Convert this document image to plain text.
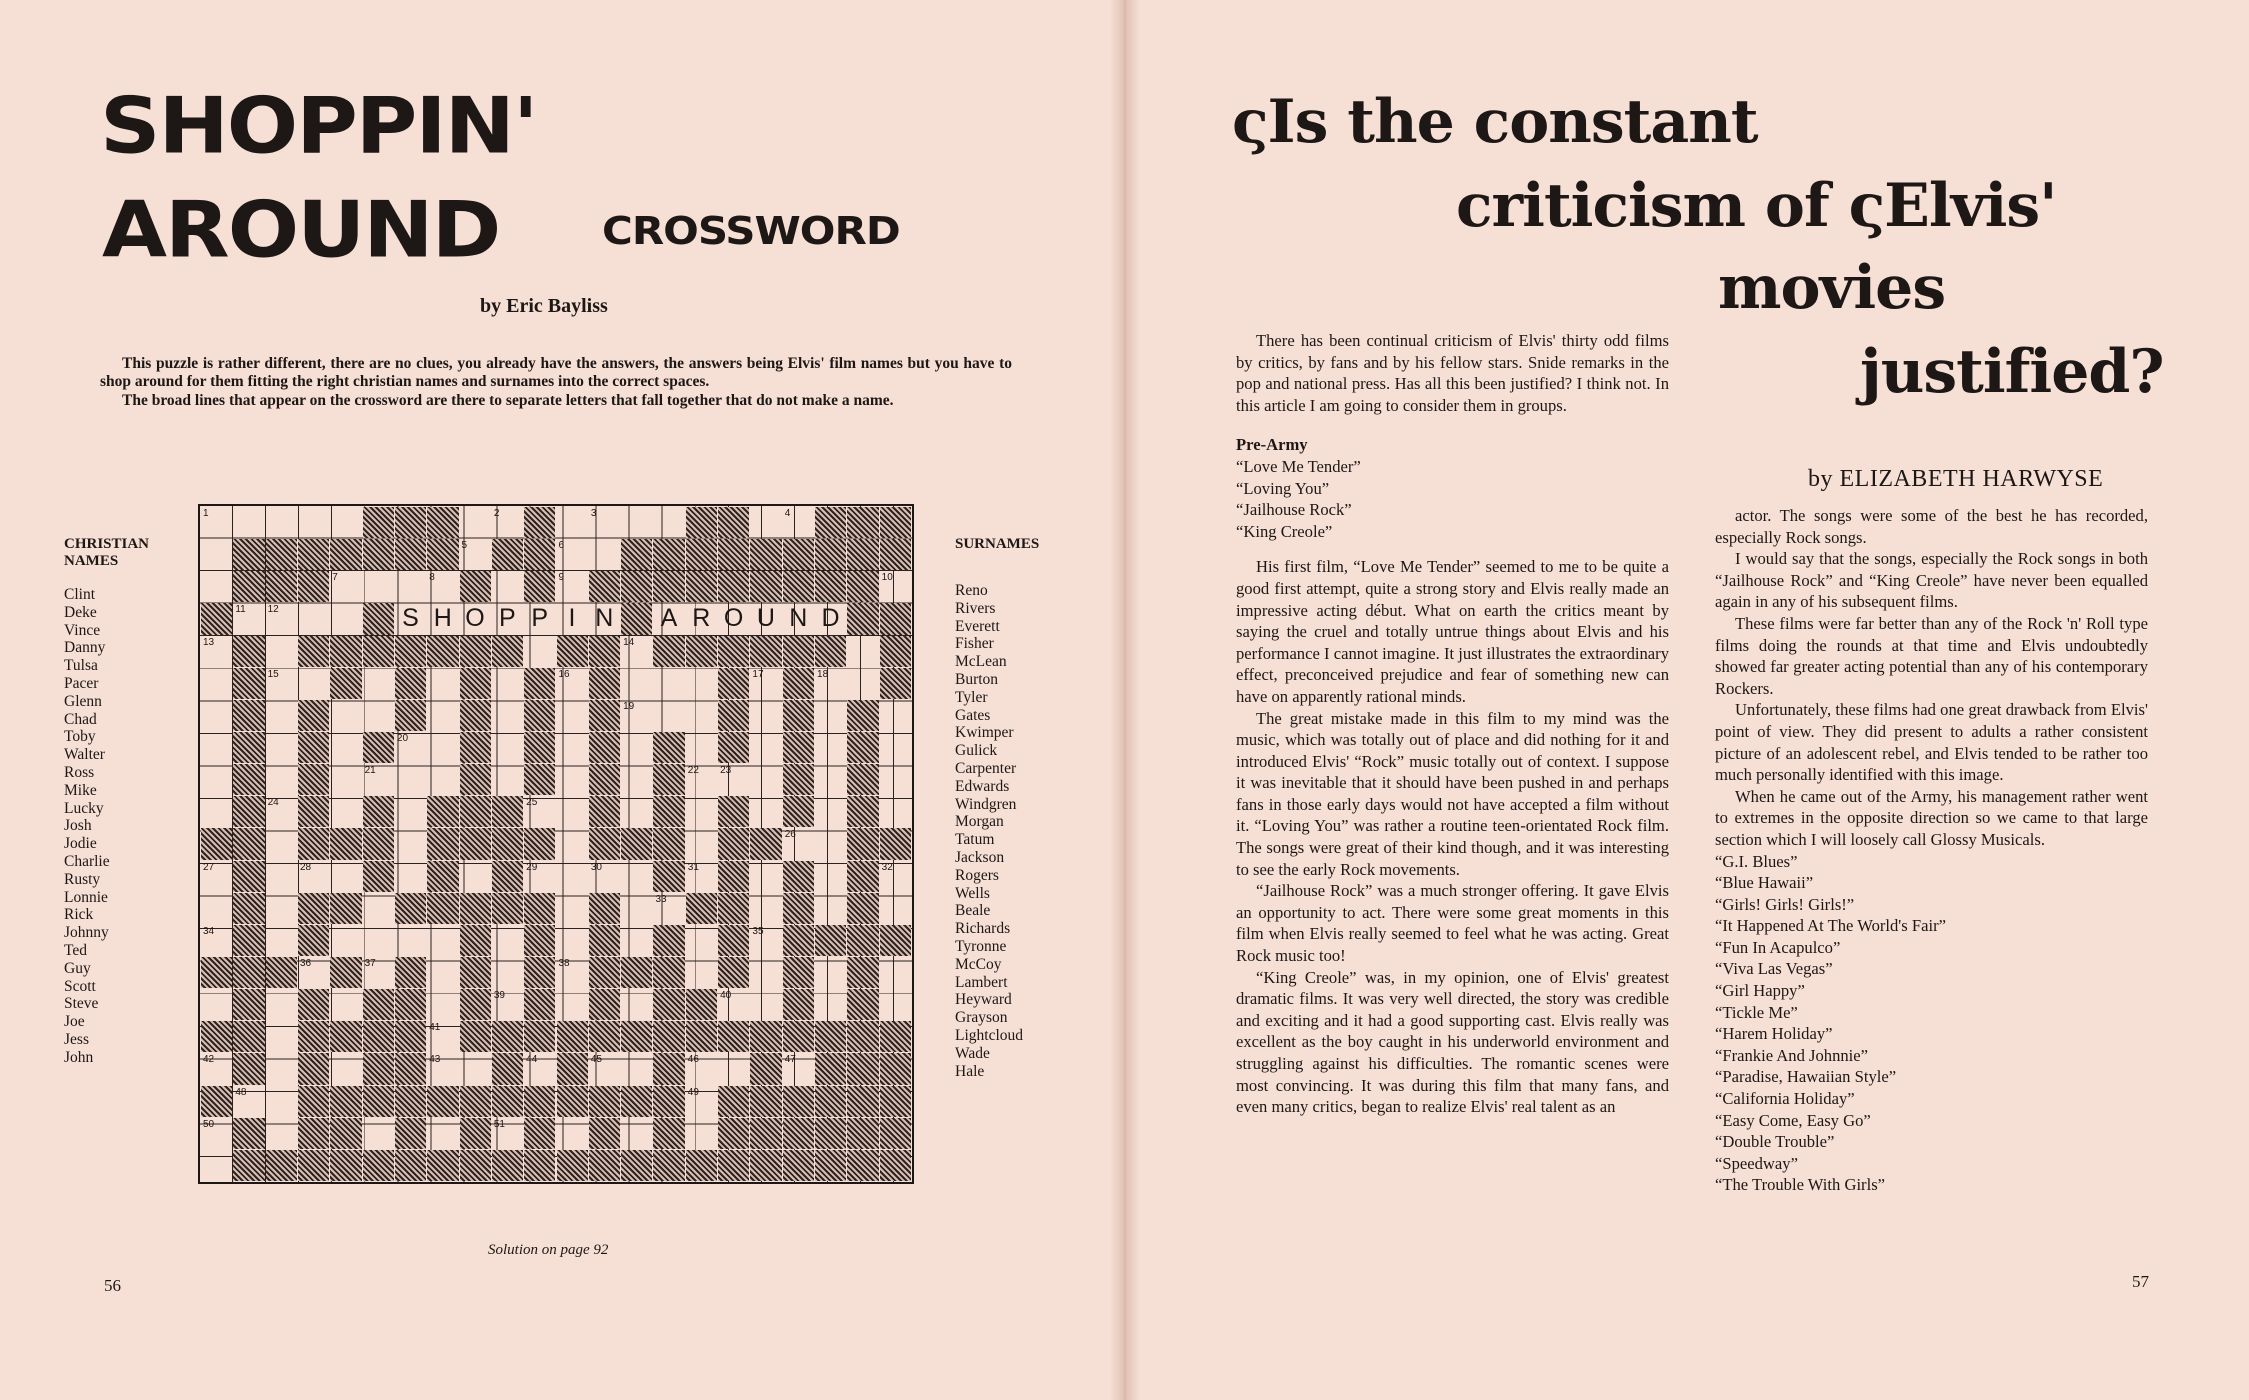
SHOPPIN'
AROUND CROSSWORD
by Eric Bayliss
This puzzle is rather different, there are no clues, you already have the answers, the answers being Elvis' film names but you have to shop around for them fitting the right christian names and surnames into the correct spaces.
The broad lines that appear on the crossword are there to separate letters that fall together that do not make a name.
CHRISTIAN NAMES
Clint
Deke
Vince
Danny
Tulsa
Pacer
Glenn
Chad
Toby
Walter
Ross
Mike
Lucky
Josh
Jodie
Charlie
Rusty
Lonnie
Rick
Johnny
Ted
Guy
Scott
Steve
Joe
Jess
John
1	2	3	4
5	6
7	8	9	10
11 12
13	14
15	16	17	18
19
20
21	22 23
24	25
26
27	28	29	30	31	32
33
34	35
36	37	38
39	40
41
42	43	44	45	46	47
48	49
50	51
S H O P P I N	A R O U N D
SURNAMES
Reno
Rivers
Everett
Fisher
McLean
Burton
Tyler
Gates
Kwimper
Gulick
Carpenter
Edwards
Windgren
Morgan
Tatum
Jackson
Rogers
Wells
Beale
Richards
Tyronne
McCoy
Lambert
Heyward
Grayson
Lightcloud
Wade
Hale
Solution on page 92
56
ςIs the constant
criticism of ςElvis'
movies
justified?
by ELIZABETH HARWYSE

There has been continual criticism of Elvis' thirty odd films by critics, by fans and by his fellow stars. Snide remarks in the pop and national press. Has all this been justified? I think not. In this article I am going to consider them in groups.

Pre-Army
“Love Me Tender”
“Loving You”
“Jailhouse Rock”
“King Creole”

His first film, “Love Me Tender” seemed to me to be quite a good first attempt, quite a strong story and Elvis really made an impressive acting début. What on earth the critics meant by saying the cruel and totally untrue things about Elvis and his performance I cannot imagine. It just illustrates the extraordinary effect, preconceived prejudice and fear of something new can have on apparently rational minds.

The great mistake made in this film to my mind was the music, which was totally out of place and did nothing for it and introduced Elvis' “Rock” music totally out of context. I suppose it was inevitable that it should have been pushed in and perhaps fans in those early days would not have accepted a film without it. “Loving You” was rather a routine teen-orientated Rock film. The songs were great of their kind though, and it was interesting to see the early Rock movements.

“Jailhouse Rock” was a much stronger offering. It gave Elvis an opportunity to act. There were some great moments in this film when Elvis really seemed to feel what he was acting. Great Rock music too!

“King Creole” was, in my opinion, one of Elvis' greatest dramatic films. It was very well directed, the story was credible and exciting and it had a good supporting cast. Elvis really was excellent as the boy caught in his underworld environment and struggling against his difficulties. The romantic scenes were most convincing. It was during this film that many fans, and even many critics, began to realize Elvis' real talent as an

actor. The songs were some of the best he has recorded, especially Rock songs.

I would say that the songs, especially the Rock songs in both “Jailhouse Rock” and “King Creole” have never been equalled again in any of his subsequent films.

These films were far better than any of the Rock 'n' Roll type films doing the rounds at that time and Elvis undoubtedly showed far greater acting potential than any of his contemporary Rockers.

Unfortunately, these films had one great drawback from Elvis' point of view. They did present to adults a rather consistent picture of an adolescent rebel, and Elvis tended to be rather too much personally identified with this image.

When he came out of the Army, his management rather went to extremes in the opposite direction so we came to that large section which I will loosely call Glossy Musicals.

“G.I. Blues”
“Blue Hawaii”
“Girls! Girls! Girls!”
“It Happened At The World's Fair”
“Fun In Acapulco”
“Viva Las Vegas”
“Girl Happy”
“Tickle Me”
“Harem Holiday”
“Frankie And Johnnie”
“Paradise, Hawaiian Style”
“California Holiday”
“Easy Come, Easy Go”
“Double Trouble”
“Speedway”
“The Trouble With Girls”
57
